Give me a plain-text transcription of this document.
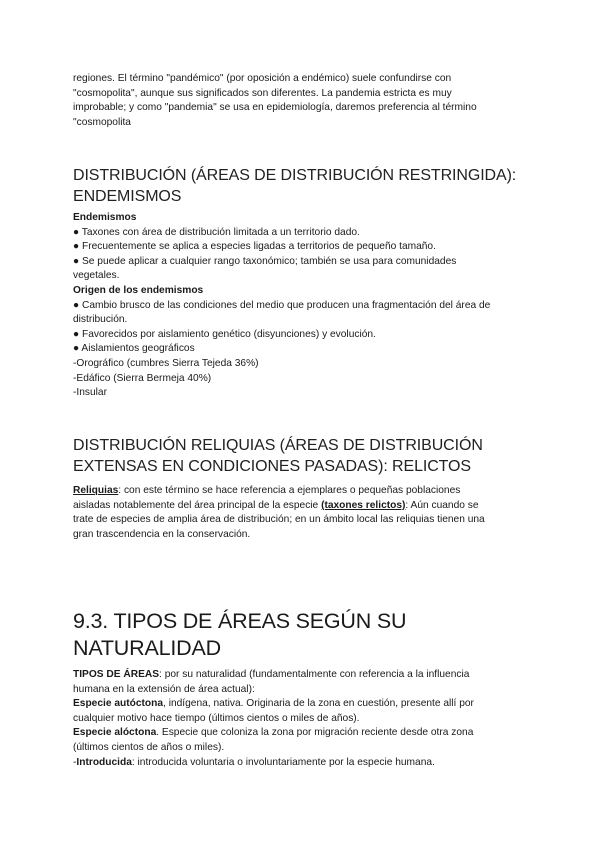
regiones. El término "pandémico" (por oposición a endémico) suele confundirse con

"cosmopolita", aunque sus significados son diferentes. La pandemia estricta es muy

improbable; y como "pandemia" se usa en epidemiología, daremos preferencia al término

"cosmopolita

DISTRIBUCIÓN (ÁREAS DE DISTRIBUCIÓN RESTRINGIDA):
ENDEMISMOS

Endemismos

● Taxones con área de distribución limitada a un territorio dado.

● Frecuentemente se aplica a especies ligadas a territorios de pequeño tamaño.

● Se puede aplicar a cualquier rango taxonómico; también se usa para comunidades

vegetales.

Origen de los endemismos

● Cambio brusco de las condiciones del medio que producen una fragmentación del área de

distribución.

● Favorecidos por aislamiento genético (disyunciones) y evolución.

● Aislamientos geográficos

-Orográfico (cumbres Sierra Tejeda 36%)

-Edáfico (Sierra Bermeja 40%)

-Insular

DISTRIBUCIÓN RELIQUIAS (ÁREAS DE DISTRIBUCIÓN
EXTENSAS EN CONDICIONES PASADAS): RELICTOS

Reliquias: con este término se hace referencia a ejemplares o pequeñas poblaciones

aisladas notablemente del área principal de la especie (taxones relictos): Aún cuando se

trate de especies de amplia área de distribución; en un ámbito local las reliquias tienen una

gran trascendencia en la conservación.

9.3. TIPOS DE ÁREAS SEGÚN SU
NATURALIDAD

TIPOS DE ÁREAS: por su naturalidad (fundamentalmente con referencia a la influencia

humana en la extensión de área actual):

Especie autóctona, indígena, nativa. Originaria de la zona en cuestión, presente allí por

cualquier motivo hace tiempo (últimos cientos o miles de años).

Especie alóctona. Especie que coloniza la zona por migración reciente desde otra zona

(últimos cientos de años o miles).

-Introducida: introducida voluntaria o involuntariamente por la especie humana.
